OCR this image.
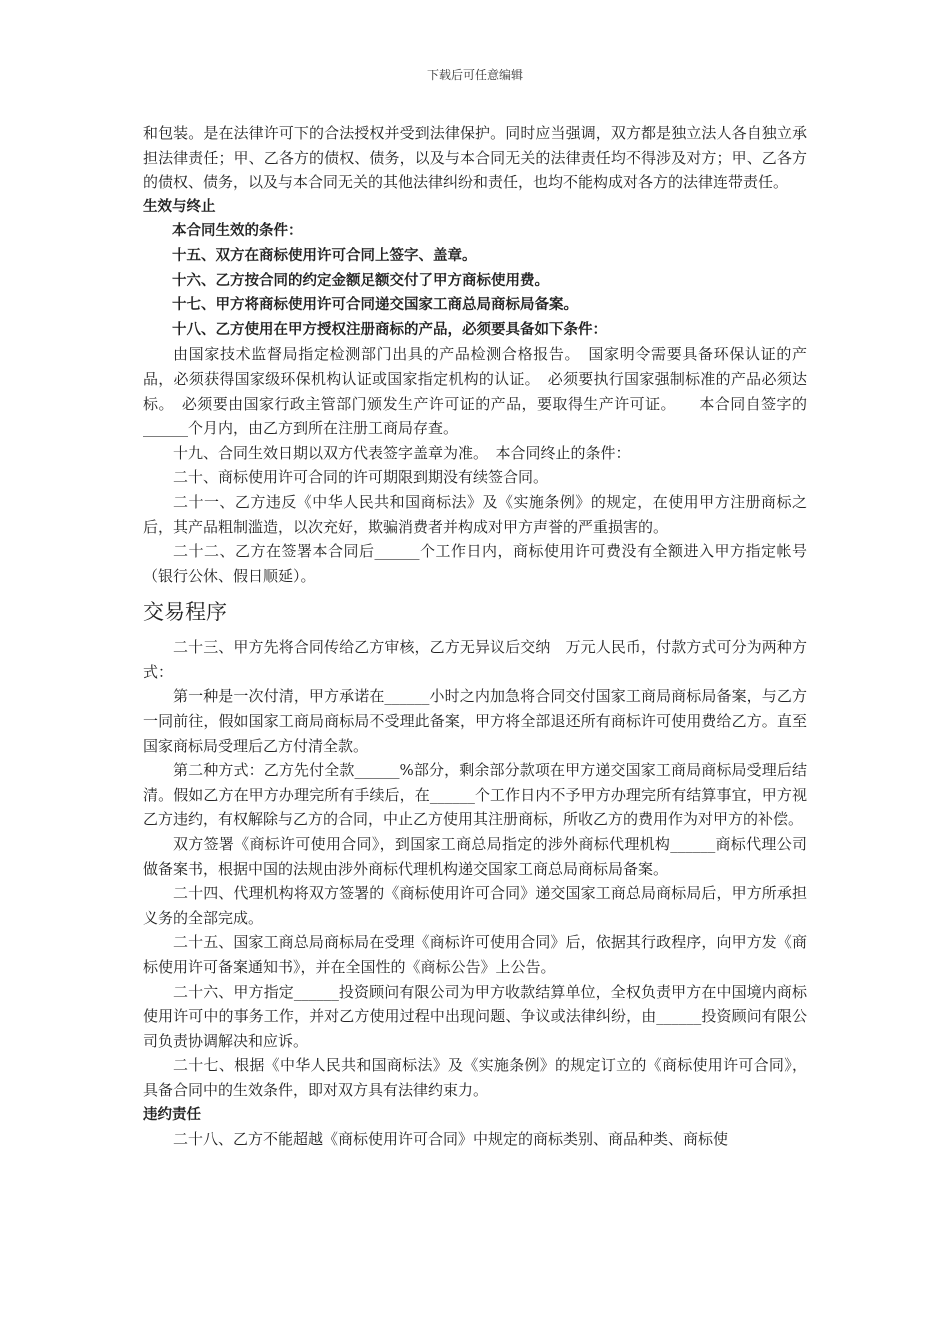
下载后可任意编辑

和包装。是在法律许可下的合法授权并受到法律保护。同时应当强调，双方都是独立法人各自独立承担法律责任；甲、乙各方的债权、债务，以及与本合同无关的法律责任均不得涉及对方；甲、乙各方的债权、债务，以及与本合同无关的其他法律纠纷和责任，也均不能构成对各方的法律连带责任。

生效与终止

本合同生效的条件：

十五、双方在商标使用许可合同上签字、盖章。

十六、乙方按合同的约定金额足额交付了甲方商标使用费。

十七、甲方将商标使用许可合同递交国家工商总局商标局备案。

十八、乙方使用在甲方授权注册商标的产品，必须要具备如下条件：

由国家技术监督局指定检测部门出具的产品检测合格报告。　国家明令需要具备环保认证的产品，必须获得国家级环保机构认证或国家指定机构的认证。　必须要执行国家强制标准的产品必须达标。　必须要由国家行政主管部门颁发生产许可证的产品，要取得生产许可证。　　本合同自签字的______个月内，由乙方到所在注册工商局存查。

十九、合同生效日期以双方代表签字盖章为准。　本合同终止的条件：

二十、商标使用许可合同的许可期限到期没有续签合同。

二十一、乙方违反《中华人民共和国商标法》及《实施条例》的规定，在使用甲方注册商标之后，其产品粗制滥造，以次充好，欺骗消费者并构成对甲方声誉的严重损害的。

二十二、乙方在签署本合同后______个工作日内，商标使用许可费没有全额进入甲方指定帐号（银行公休、假日顺延）。

交易程序

二十三、甲方先将合同传给乙方审核，乙方无异议后交纳　万元人民币，付款方式可分为两种方式：

第一种是一次付清，甲方承诺在______小时之内加急将合同交付国家工商局商标局备案，与乙方一同前往，假如国家工商局商标局不受理此备案，甲方将全部退还所有商标许可使用费给乙方。直至国家商标局受理后乙方付清全款。

第二种方式：乙方先付全款______%部分，剩余部分款项在甲方递交国家工商局商标局受理后结清。假如乙方在甲方办理完所有手续后，在______个工作日内不予甲方办理完所有结算事宜，甲方视乙方违约，有权解除与乙方的合同，中止乙方使用其注册商标，所收乙方的费用作为对甲方的补偿。

双方签署《商标许可使用合同》，到国家工商总局指定的涉外商标代理机构______商标代理公司做备案书，根据中国的法规由涉外商标代理机构递交国家工商总局商标局备案。

二十四、代理机构将双方签署的《商标使用许可合同》递交国家工商总局商标局后，甲方所承担义务的全部完成。

二十五、国家工商总局商标局在受理《商标许可使用合同》后，依据其行政程序，向甲方发《商标使用许可备案通知书》，并在全国性的《商标公告》上公告。

二十六、甲方指定______投资顾问有限公司为甲方收款结算单位，全权负责甲方在中国境内商标使用许可中的事务工作，并对乙方使用过程中出现问题、争议或法律纠纷，由______投资顾问有限公司负责协调解决和应诉。

二十七、根据《中华人民共和国商标法》及《实施条例》的规定订立的《商标使用许可合同》，具备合同中的生效条件，即对双方具有法律约束力。

违约责任

二十八、乙方不能超越《商标使用许可合同》中规定的商标类别、商品种类、商标使
